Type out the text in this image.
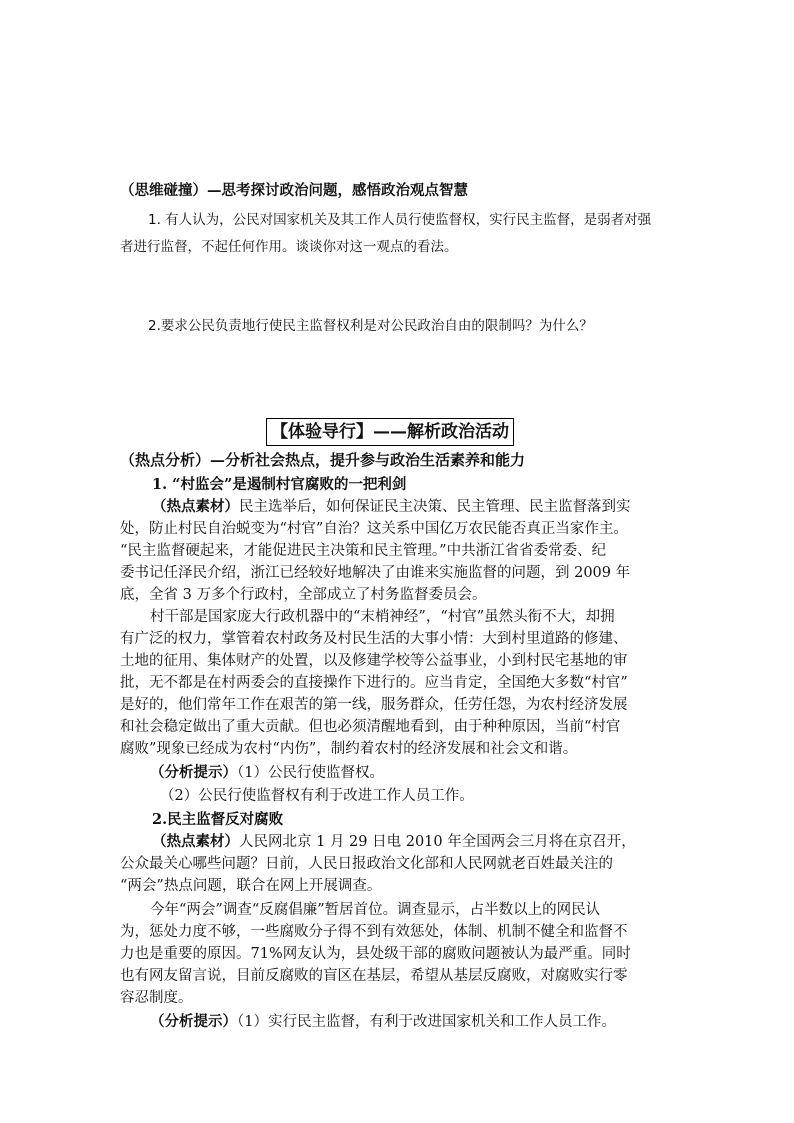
（思维碰撞）—思考探讨政治问题，感悟政治观点智慧
1. 有人认为，公民对国家机关及其工作人员行使监督权，实行民主监督，是弱者对强
者进行监督，不起任何作用。谈谈你对这一观点的看法。
2.要求公民负责地行使民主监督权利是对公民政治自由的限制吗？为什么？
【体验导行】——解析政治活动
（热点分析）—分析社会热点，提升参与政治生活素养和能力
1. “村监会”是遏制村官腐败的一把利剑
（热点素材）民主选举后，如何保证民主决策、民主管理、民主监督落到实
处，防止村民自治蜕变为“村官”自治？这关系中国亿万农民能否真正当家作主。
“民主监督硬起来，才能促进民主决策和民主管理。”中共浙江省省委常委、纪
委书记任泽民介绍，浙江已经较好地解决了由谁来实施监督的问题，到 2009 年
底，全省 3 万多个行政村，全部成立了村务监督委员会。
村干部是国家庞大行政机器中的“末梢神经”，“村官”虽然头衔不大，却拥
有广泛的权力，掌管着农村政务及村民生活的大事小情：大到村里道路的修建、
土地的征用、集体财产的处置，以及修建学校等公益事业，小到村民宅基地的审
批，无不都是在村两委会的直接操作下进行的。应当肯定，全国绝大多数“村官”
是好的，他们常年工作在艰苦的第一线，服务群众，任劳任怨，为农村经济发展
和社会稳定做出了重大贡献。但也必须清醒地看到，由于种种原因，当前“村官
腐败”现象已经成为农村“内伤”，制约着农村的经济发展和社会文和谐。
（分析提示）（1）公民行使监督权。
（2）公民行使监督权有利于改进工作人员工作。
2.民主监督反对腐败
（热点素材）人民网北京 1 月 29 日电 2010 年全国两会三月将在京召开，
公众最关心哪些问题？日前，人民日报政治文化部和人民网就老百姓最关注的
“两会”热点问题，联合在网上开展调查。
今年“两会”调查“反腐倡廉”暂居首位。调查显示，占半数以上的网民认
为，惩处力度不够，一些腐败分子得不到有效惩处，体制、机制不健全和监督不
力也是重要的原因。71%网友认为，县处级干部的腐败问题被认为最严重。同时
也有网友留言说，目前反腐败的盲区在基层，希望从基层反腐败，对腐败实行零
容忍制度。
（分析提示）（1）实行民主监督，有利于改进国家机关和工作人员工作。
